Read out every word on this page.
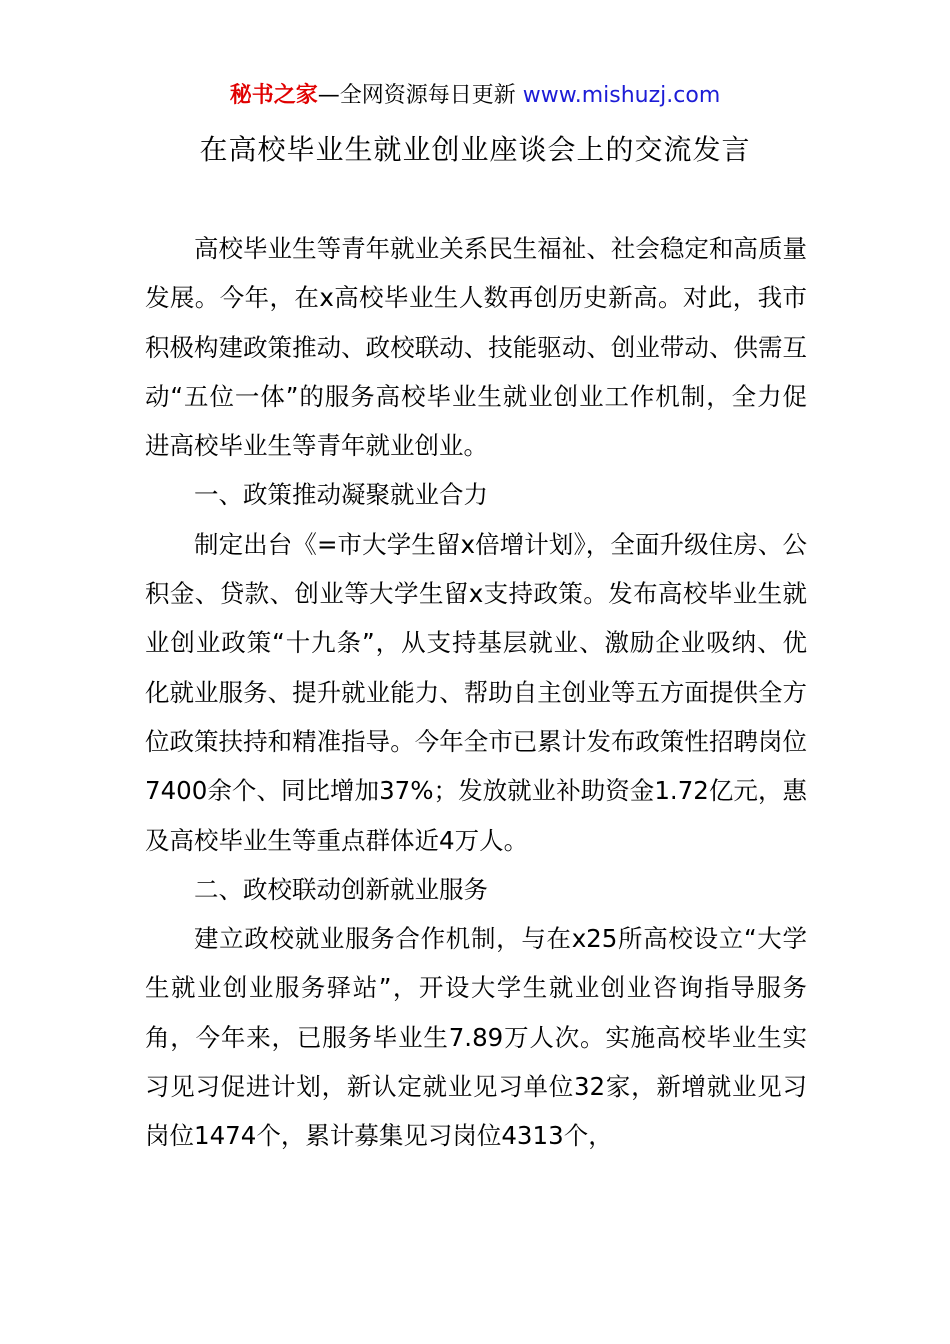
秘书之家—全网资源每日更新 www.mishuzj.com
在高校毕业生就业创业座谈会上的交流发言

高校毕业生等青年就业关系民生福祉、社会稳定和高质量发展。今年，在x高校毕业生人数再创历史新高。对此，我市积极构建政策推动、政校联动、技能驱动、创业带动、供需互动“五位一体”的服务高校毕业生就业创业工作机制，全力促进高校毕业生等青年就业创业。

一、政策推动凝聚就业合力

制定出台《=市大学生留x倍增计划》，全面升级住房、公积金、贷款、创业等大学生留x支持政策。发布高校毕业生就业创业政策“十九条”，从支持基层就业、激励企业吸纳、优化就业服务、提升就业能力、帮助自主创业等五方面提供全方位政策扶持和精准指导。今年全市已累计发布政策性招聘岗位7400余个、同比增加37%；发放就业补助资金1.72亿元，惠及高校毕业生等重点群体近4万人。

二、政校联动创新就业服务

建立政校就业服务合作机制，与在x25所高校设立“大学生就业创业服务驿站”，开设大学生就业创业咨询指导服务角，今年来，已服务毕业生7.89万人次。实施高校毕业生实习见习促进计划，新认定就业见习单位32家，新增就业见习岗位1474个，累计募集见习岗位4313个，
